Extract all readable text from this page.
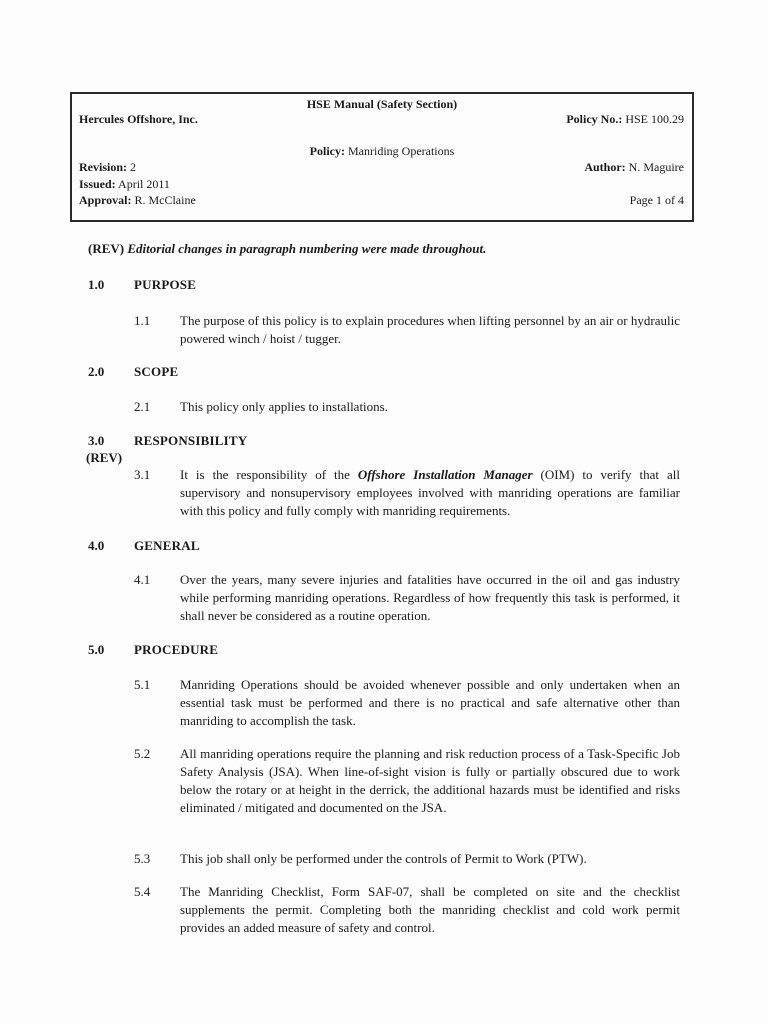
HSE Manual (Safety Section)
Hercules Offshore, Inc.	Policy No.: HSE 100.29
Policy: Manriding Operations
Revision: 2	Author: N. Maguire
Issued: April 2011
Approval: R. McClaine	Page 1 of 4
(REV) Editorial changes in paragraph numbering were made throughout.
1.0 PURPOSE
1.1 The purpose of this policy is to explain procedures when lifting personnel by an air or hydraulic powered winch / hoist / tugger.
2.0 SCOPE
2.1 This policy only applies to installations.
3.0 RESPONSIBILITY
(REV)
3.1 It is the responsibility of the Offshore Installation Manager (OIM) to verify that all supervisory and nonsupervisory employees involved with manriding operations are familiar with this policy and fully comply with manriding requirements.
4.0 GENERAL
4.1 Over the years, many severe injuries and fatalities have occurred in the oil and gas industry while performing manriding operations. Regardless of how frequently this task is performed, it shall never be considered as a routine operation.
5.0 PROCEDURE
5.1 Manriding Operations should be avoided whenever possible and only undertaken when an essential task must be performed and there is no practical and safe alternative other than manriding to accomplish the task.
5.2 All manriding operations require the planning and risk reduction process of a Task-Specific Job Safety Analysis (JSA). When line-of-sight vision is fully or partially obscured due to work below the rotary or at height in the derrick, the additional hazards must be identified and risks eliminated / mitigated and documented on the JSA.
5.3 This job shall only be performed under the controls of Permit to Work (PTW).
5.4 The Manriding Checklist, Form SAF-07, shall be completed on site and the checklist supplements the permit. Completing both the manriding checklist and cold work permit provides an added measure of safety and control.
